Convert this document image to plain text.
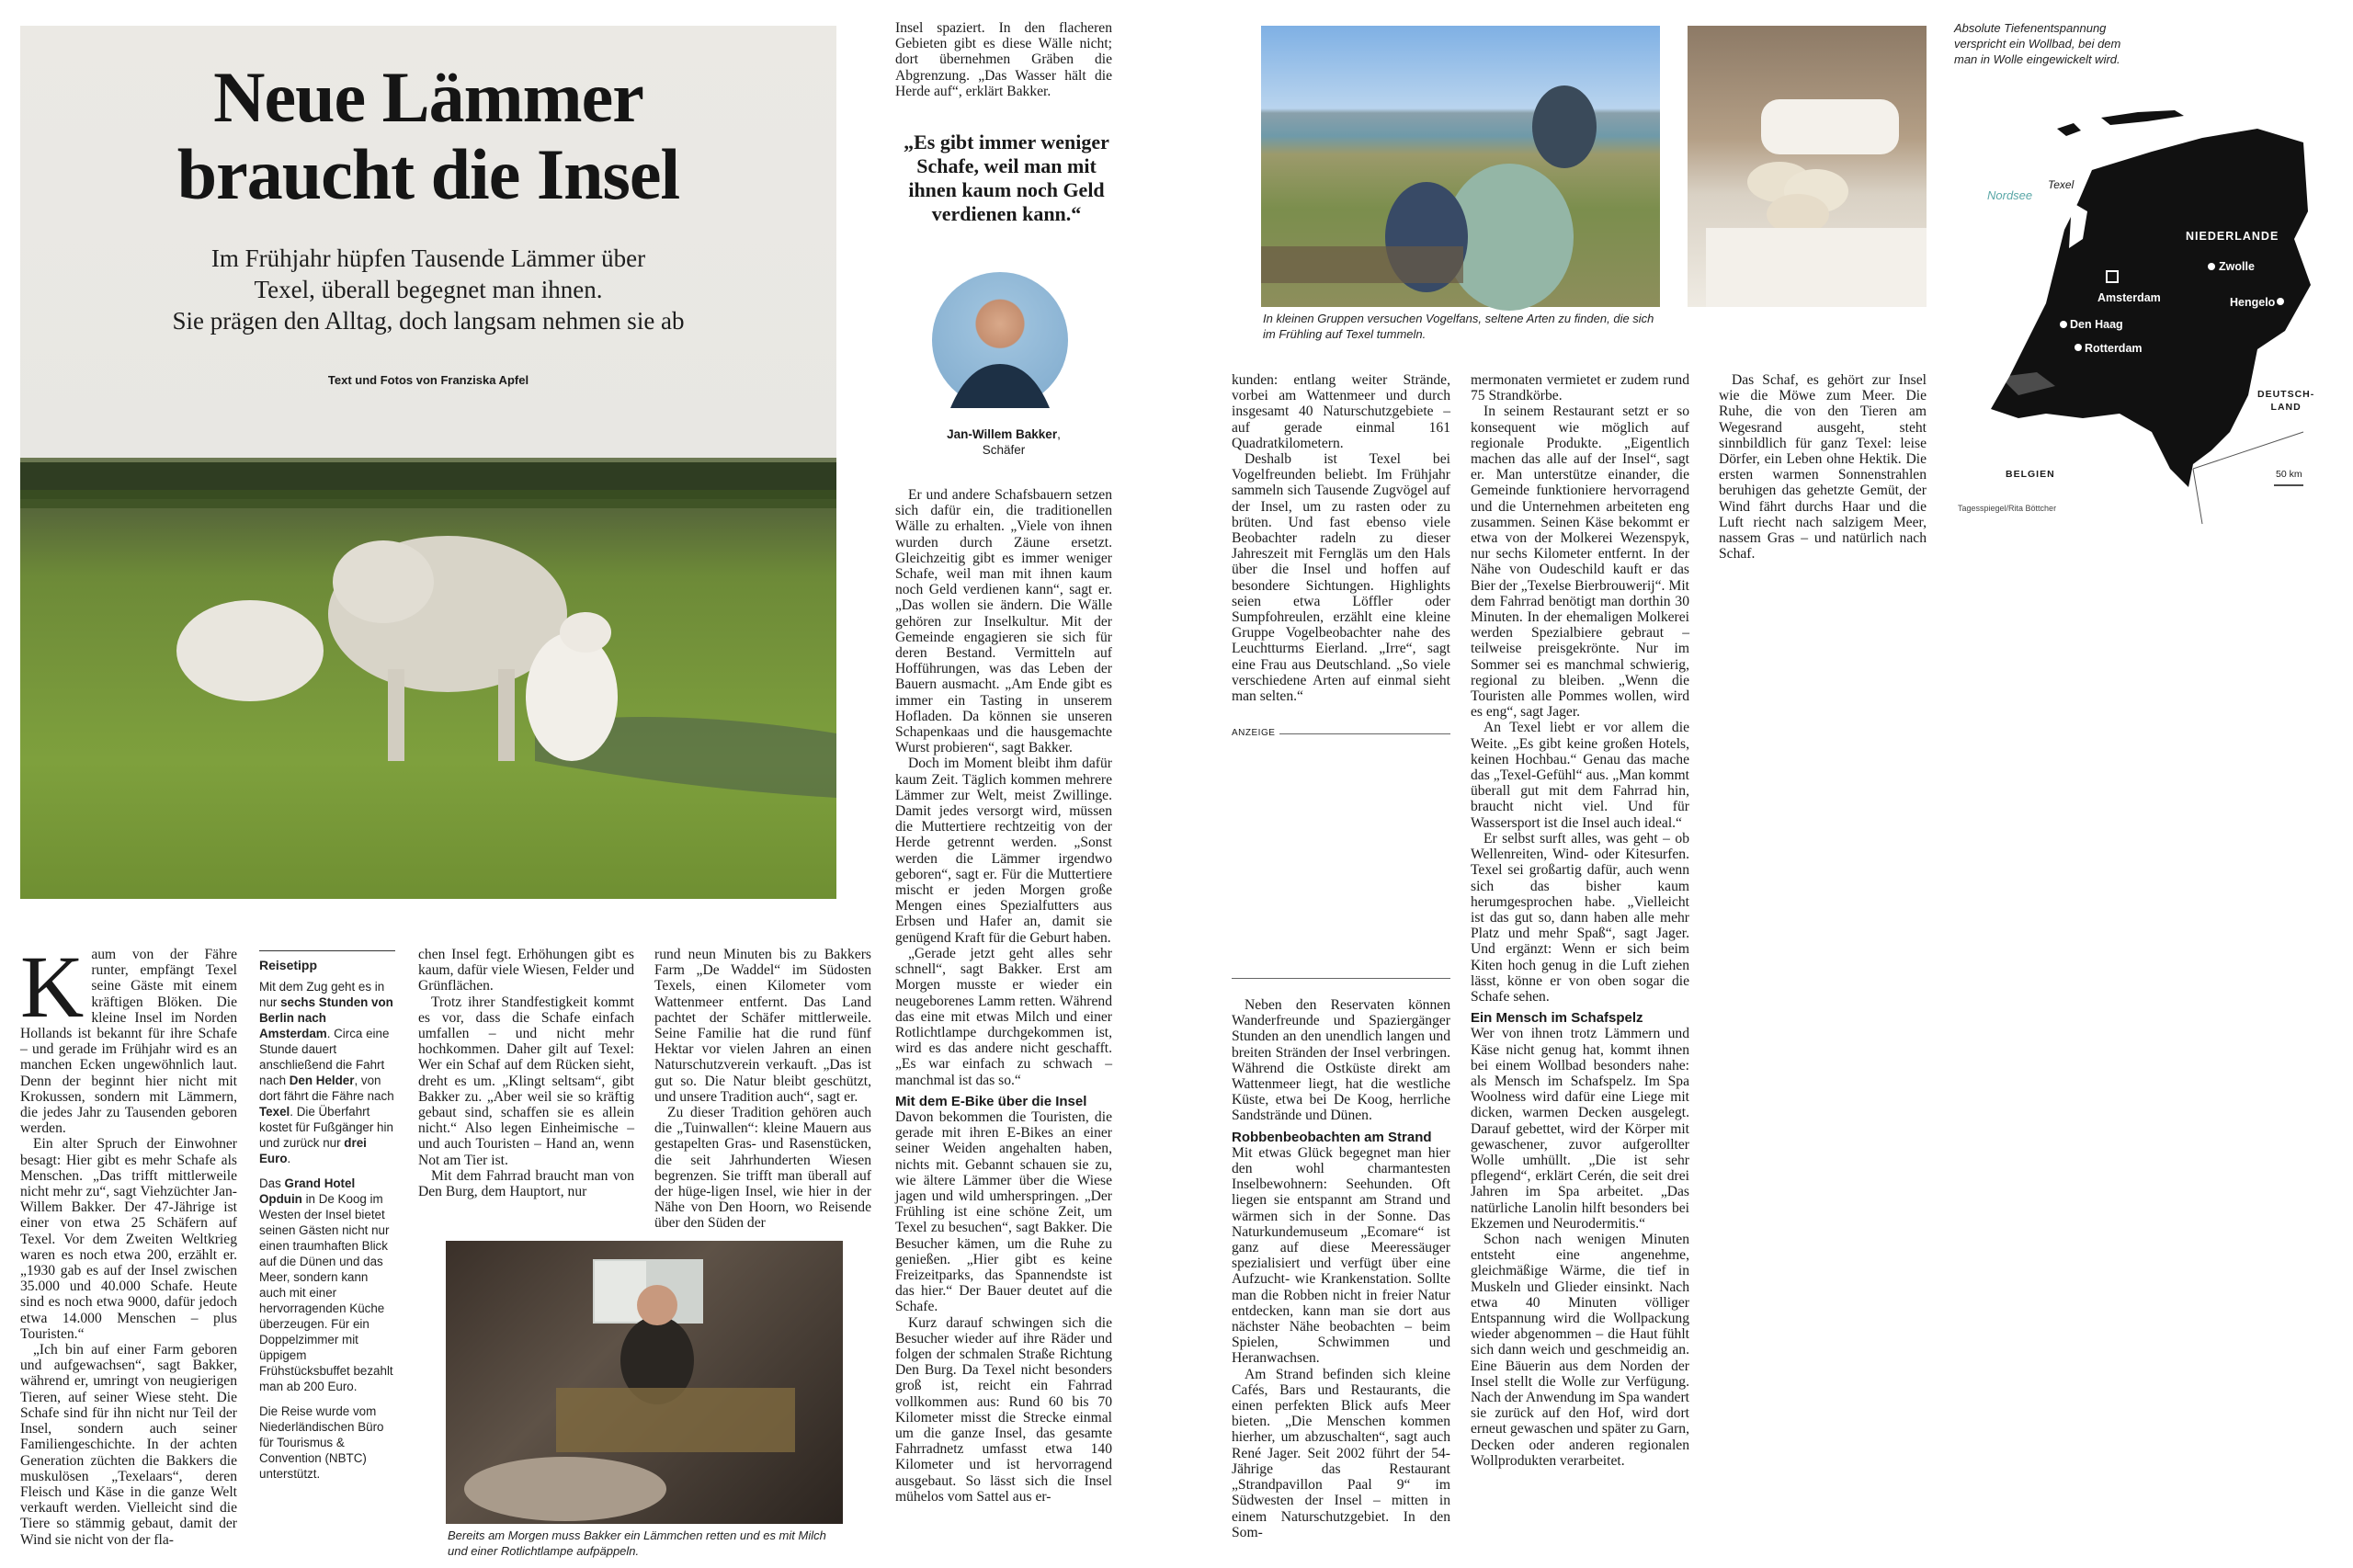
Neue Lämmer
braucht die Insel
Im Frühjahr hüpfen Tausende Lämmer über
Texel, überall begegnet man ihnen.
Sie prägen den Alltag, doch langsam nehmen sie ab
Text und Fotos von Franziska Apfel

Kaum von der Fähre runter, empfängt Texel seine Gäste mit einem kräftigen Blöken. Die kleine Insel im Norden Hollands ist bekannt für ihre Schafe – und gerade im Frühjahr wird es an manchen Ecken ungewöhnlich laut. Denn der beginnt hier nicht mit Krokussen, sondern mit Lämmern, die jedes Jahr zu Tausenden geboren werden.

Ein alter Spruch der Einwohner besagt: Hier gibt es mehr Schafe als Menschen. „Das trifft mittlerweile nicht mehr zu“, sagt Viehzüchter Jan-Willem Bakker. Der 47-Jährige ist einer von etwa 25 Schäfern auf Texel. Vor dem Zweiten Weltkrieg waren es noch etwa 200, erzählt er. „1930 gab es auf der Insel zwischen 35.000 und 40.000 Schafe. Heute sind es noch etwa 9000, dafür jedoch etwa 14.000 Menschen – plus Touristen.“

„Ich bin auf einer Farm geboren und aufgewachsen“, sagt Bakker, während er, umringt von neugierigen Tieren, auf seiner Wiese steht. Die Schafe sind für ihn nicht nur Teil der Insel, sondern auch seiner Familiengeschichte. In der achten Generation züchten die Bakkers die muskulösen „Texelaars“, deren Fleisch und Käse in die ganze Welt verkauft werden. Vielleicht sind die Tiere so stämmig gebaut, damit der Wind sie nicht von der fla-

Reisetipp

Mit dem Zug geht es in nur sechs Stunden von Berlin nach Amsterdam. Circa eine Stunde dauert anschließend die Fahrt nach Den Helder, von dort fährt die Fähre nach Texel. Die Überfahrt kostet für Fußgänger hin und zurück nur drei Euro.

Das Grand Hotel Opduin in De Koog im Westen der Insel bietet seinen Gästen nicht nur einen traumhaften Blick auf die Dünen und das Meer, sondern kann auch mit einer hervorragenden Küche überzeugen. Für ein Doppelzimmer mit üppigem Frühstücksbuffet bezahlt man ab 200 Euro.

Die Reise wurde vom Niederländischen Büro für Tourismus & Convention (NBTC) unterstützt.

chen Insel fegt. Erhöhungen gibt es kaum, dafür viele Wiesen, Felder und Grünflächen.

Trotz ihrer Standfestigkeit kommt es vor, dass die Schafe einfach umfallen – und nicht mehr hochkommen. Daher gilt auf Texel: Wer ein Schaf auf dem Rücken sieht, dreht es um. „Klingt seltsam“, gibt Bakker zu. „Aber weil sie so kräftig gebaut sind, schaffen sie es allein nicht.“ Also legen Einheimische – und auch Touristen – Hand an, wenn Not am Tier ist.

Mit dem Fahrrad braucht man von Den Burg, dem Hauptort, nur

rund neun Minuten bis zu Bakkers Farm „De Waddel“ im Südosten Texels, einen Kilometer vom Wattenmeer entfernt. Das Land pachtet der Schäfer mittlerweile. Seine Familie hat die rund fünf Hektar vor vielen Jahren an einen Naturschutzverein verkauft. „Das ist gut so. Die Natur bleibt geschützt, und unsere Tradition auch“, sagt er.

Zu dieser Tradition gehören auch die „Tuinwallen“: kleine Mauern aus gestapelten Gras- und Rasenstücken, die seit Jahrhunderten Wiesen begrenzen. Sie trifft man überall auf der hüge-ligen Insel, wie hier in der Nähe von Den Hoorn, wo Reisende über den Süden der

Bereits am Morgen muss Bakker ein Lämmchen retten und es mit Milch und einer Rotlichtlampe aufpäppeln.

Insel spaziert. In den flacheren Gebieten gibt es diese Wälle nicht; dort übernehmen Gräben die Abgrenzung. „Das Wasser hält die Herde auf“, erklärt Bakker.

„Es gibt immer weniger Schafe, weil man mit ihnen kaum noch Geld verdienen kann.“
Jan-Willem Bakker,
Schäfer

Er und andere Schafsbauern setzen sich dafür ein, die traditionellen Wälle zu erhalten. „Viele von ihnen wurden durch Zäune ersetzt. Gleichzeitig gibt es immer weniger Schafe, weil man mit ihnen kaum noch Geld verdienen kann“, sagt er. „Das wollen sie ändern. Die Wälle gehören zur Inselkultur. Mit der Gemeinde engagieren sie sich für deren Bestand. Vermitteln auf Hofführungen, was das Leben der Bauern ausmacht. „Am Ende gibt es immer ein Tasting in unserem Hofladen. Da können sie unseren Schapenkaas und die hausgemachte Wurst probieren“, sagt Bakker.

Doch im Moment bleibt ihm dafür kaum Zeit. Täglich kommen mehrere Lämmer zur Welt, meist Zwillinge. Damit jedes versorgt wird, müssen die Muttertiere rechtzeitig von der Herde getrennt werden. „Sonst werden die Lämmer irgendwo geboren“, sagt er. Für die Muttertiere mischt er jeden Morgen große Mengen eines Spezialfutters aus Erbsen und Hafer an, damit sie genügend Kraft für die Geburt haben.

„Gerade jetzt geht alles sehr schnell“, sagt Bakker. Erst am Morgen musste er wieder ein neugeborenes Lamm retten. Während das eine mit etwas Milch und einer Rotlichtlampe durchgekommen ist, wird es das andere nicht geschafft. „Es war einfach zu schwach – manchmal ist das so.“

Mit dem E-Bike über die Insel

Davon bekommen die Touristen, die gerade mit ihren E-Bikes an einer seiner Weiden angehalten haben, nichts mit. Gebannt schauen sie zu, wie ältere Lämmer über die Wiese jagen und wild umherspringen. „Der Frühling ist eine schöne Zeit, um Texel zu besuchen“, sagt Bakker. Die Besucher kämen, um die Ruhe zu genießen. „Hier gibt es keine Freizeitparks, das Spannendste ist das hier.“ Der Bauer deutet auf die Schafe.

Kurz darauf schwingen sich die Besucher wieder auf ihre Räder und folgen der schmalen Straße Richtung Den Burg. Da Texel nicht besonders groß ist, reicht ein Fahrrad vollkommen aus: Rund 60 bis 70 Kilometer misst die Strecke einmal um die ganze Insel, das gesamte Fahrradnetz umfasst etwa 140 Kilometer und ist hervorragend ausgebaut. So lässt sich die Insel mühelos vom Sattel aus er-

In kleinen Gruppen versuchen Vogelfans, seltene Arten zu finden, die sich im Frühling auf Texel tummeln.

kunden: entlang weiter Strände, vorbei am Wattenmeer und durch insgesamt 40 Naturschutzgebiete – auf gerade einmal 161 Quadratkilometern.

Deshalb ist Texel bei Vogelfreunden beliebt. Im Frühjahr sammeln sich Tausende Zugvögel auf der Insel, um zu rasten oder zu brüten. Und fast ebenso viele Beobachter radeln zu dieser Jahreszeit mit Ferngläs um den Hals über die Insel und hoffen auf besondere Sichtungen. Highlights seien etwa Löffler oder Sumpfohreulen, erzählt eine kleine Gruppe Vogelbeobachter nahe des Leuchtturms Eierland. „Irre“, sagt eine Frau aus Deutschland. „So viele verschiedene Arten auf einmal sieht man selten.“

ANZEIGE

Neben den Reservaten können Wanderfreunde und Spaziergänger Stunden an den unendlich langen und breiten Stränden der Insel verbringen. Während die Ostküste direkt am Wattenmeer liegt, hat die westliche Küste, etwa bei De Koog, herrliche Sandstrände und Dünen.

Robbenbeobachten am Strand

Mit etwas Glück begegnet man hier den wohl charmantesten Inselbewohnern: Seehunden. Oft liegen sie entspannt am Strand und wärmen sich in der Sonne. Das Naturkundemuseum „Ecomare“ ist ganz auf diese Meeressäuger spezialisiert und verfügt über eine Aufzucht- wie Krankenstation. Sollte man die Robben nicht in freier Natur entdecken, kann man sie dort aus nächster Nähe beobachten – beim Spielen, Schwimmen und Heranwachsen.

Am Strand befinden sich kleine Cafés, Bars und Restaurants, die einen perfekten Blick aufs Meer bieten. „Die Menschen kommen hierher, um abzuschalten“, sagt auch René Jager. Seit 2002 führt der 54-Jährige das Restaurant „Strandpavillon Paal 9“ im Südwesten der Insel – mitten in einem Naturschutzgebiet. In den Som-

mermonaten vermietet er zudem rund 75 Strandkörbe.

In seinem Restaurant setzt er so konsequent wie möglich auf regionale Produkte. „Eigentlich machen das alle auf der Insel“, sagt er. Man unterstütze einander, die Gemeinde funktioniere hervorragend und die Unternehmen arbeiteten eng zusammen. Seinen Käse bekommt er etwa von der Molkerei Wezenspyk, nur sechs Kilometer entfernt. In der Nähe von Oudeschild kauft er das Bier der „Texelse Bierbrouwerij“. Mit dem Fahrrad benötigt man dorthin 30 Minuten. In der ehemaligen Molkerei werden Spezialbiere gebraut – teilweise preisgekrönte. Nur im Sommer sei es manchmal schwierig, regional zu bleiben. „Wenn die Touristen alle Pommes wollen, wird es eng“, sagt Jager.

An Texel liebt er vor allem die Weite. „Es gibt keine großen Hotels, keinen Hochbau.“ Genau das mache das „Texel-Gefühl“ aus. „Man kommt überall gut mit dem Fahrrad hin, braucht nicht viel. Und für Wassersport ist die Insel auch ideal.“

Er selbst surft alles, was geht – ob Wellenreiten, Wind- oder Kitesurfen. Texel sei großartig dafür, auch wenn sich das bisher kaum herumgesprochen habe. „Vielleicht ist das gut so, dann haben alle mehr Platz und mehr Spaß“, sagt Jager. Und ergänzt: Wenn er sich beim Kiten hoch genug in die Luft ziehen lässt, könne er von oben sogar die Schafe sehen.

Ein Mensch im Schafspelz

Wer von ihnen trotz Lämmern und Käse nicht genug hat, kommt ihnen bei einem Wollbad besonders nahe: als Mensch im Schafspelz. Im Spa Woolness wird dafür eine Liege mit dicken, warmen Decken ausgelegt. Darauf gebettet, wird der Körper mit gewaschener, zuvor aufgerollter Wolle umhüllt. „Die ist sehr pflegend“, erklärt Cerén, die seit drei Jahren im Spa arbeitet. „Das natürliche Lanolin hilft besonders bei Ekzemen und Neurodermitis.“

Schon nach wenigen Minuten entsteht eine angenehme, gleichmäßige Wärme, die tief in Muskeln und Glieder einsinkt. Nach etwa 40 Minuten völliger Entspannung wird die Wollpackung wieder abgenommen – die Haut fühlt sich dann weich und geschmeidig an. Eine Bäuerin aus dem Norden der Insel stellt die Wolle zur Verfügung. Nach der Anwendung im Spa wandert sie zurück auf den Hof, wird dort erneut gewaschen und später zu Garn, Decken oder anderen regionalen Wollprodukten verarbeitet.

Das Schaf, es gehört zur Insel wie die Möwe zum Meer. Die Ruhe, die von den Tieren am Wegesrand ausgeht, steht sinnbildlich für ganz Texel: leise Dörfer, ein Leben ohne Hektik. Die ersten warmen Sonnenstrahlen beruhigen das gehetzte Gemüt, der Wind fährt durchs Haar und die Luft riecht nach salzigem Meer, nassem Gras – und natürlich nach Schaf.

Absolute Tiefenentspannung verspricht ein Wollbad, bei dem man in Wolle eingewickelt wird.
Nordsee
Texel
NIEDERLANDE
Zwolle
Hengelo
Amsterdam
Den Haag
Rotterdam
DEUTSCH-
LAND
BELGIEN	50 km
Tagesspiegel/Rita Böttcher
